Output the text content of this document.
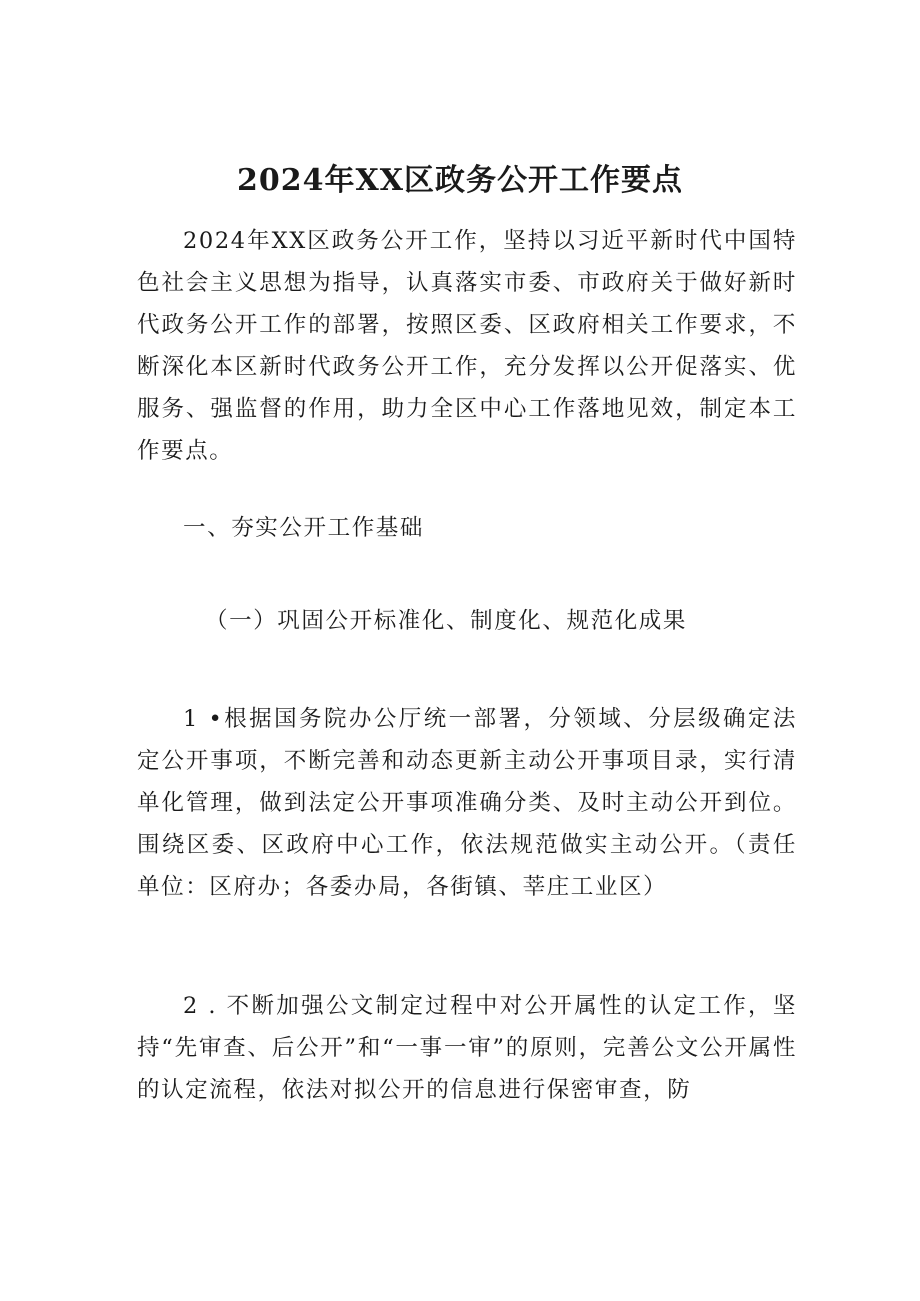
2024年XX区政务公开工作要点

2024年XX区政务公开工作，坚持以习近平新时代中国特色社会主义思想为指导，认真落实市委、市政府关于做好新时代政务公开工作的部署，按照区委、区政府相关工作要求，不断深化本区新时代政务公开工作，充分发挥以公开促落实、优服务、强监督的作用，助力全区中心工作落地见效，制定本工作要点。

一、夯实公开工作基础

（一）巩固公开标准化、制度化、规范化成果

1 •根据国务院办公厅统一部署，分领域、分层级确定法定公开事项，不断完善和动态更新主动公开事项目录，实行清单化管理，做到法定公开事项准确分类、及时主动公开到位。围绕区委、区政府中心工作，依法规范做实主动公开。（责任单位：区府办；各委办局，各街镇、莘庄工业区）

2 . 不断加强公文制定过程中对公开属性的认定工作，坚持“先审查、后公开”和“一事一审”的原则，完善公文公开属性的认定流程，依法对拟公开的信息进行保密审查，防
